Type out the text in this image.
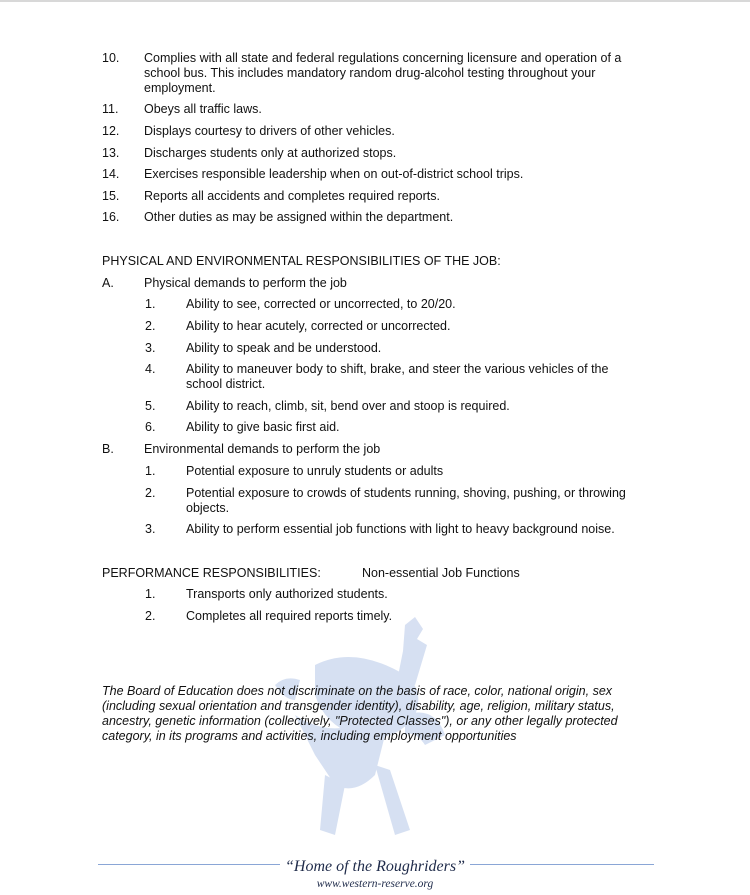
10.	Complies with all state and federal regulations concerning licensure and operation of a school bus. This includes mandatory random drug-alcohol testing throughout your employment.
11.	Obeys all traffic laws.
12.	Displays courtesy to drivers of other vehicles.
13.	Discharges students only at authorized stops.
14.	Exercises responsible leadership when on out-of-district school trips.
15.	Reports all accidents and completes required reports.
16.	Other duties as may be assigned within the department.
PHYSICAL AND ENVIRONMENTAL RESPONSIBILITIES OF THE JOB:
A.	Physical demands to perform the job
1.	Ability to see, corrected or uncorrected, to 20/20.
2.	Ability to hear acutely, corrected or uncorrected.
3.	Ability to speak and be understood.
4.	Ability to maneuver body to shift, brake, and steer the various vehicles of the school district.
5.	Ability to reach, climb, sit, bend over and stoop is required.
6.	Ability to give basic first aid.
B.	Environmental demands to perform the job
1.	Potential exposure to unruly students or adults
2.	Potential exposure to crowds of students running, shoving, pushing, or throwing objects.
3.	Ability to perform essential job functions with light to heavy background noise.
PERFORMANCE RESPONSIBILITIES:	Non-essential Job Functions
1.	Transports only authorized students.
2.	Completes all required reports timely.
The Board of Education does not discriminate on the basis of race, color, national origin, sex (including sexual orientation and transgender identity), disability, age, religion, military status, ancestry, genetic information (collectively, "Protected Classes"), or any other legally protected category, in its programs and activities, including employment opportunities
“Home of the Roughriders”
www.western-reserve.org
